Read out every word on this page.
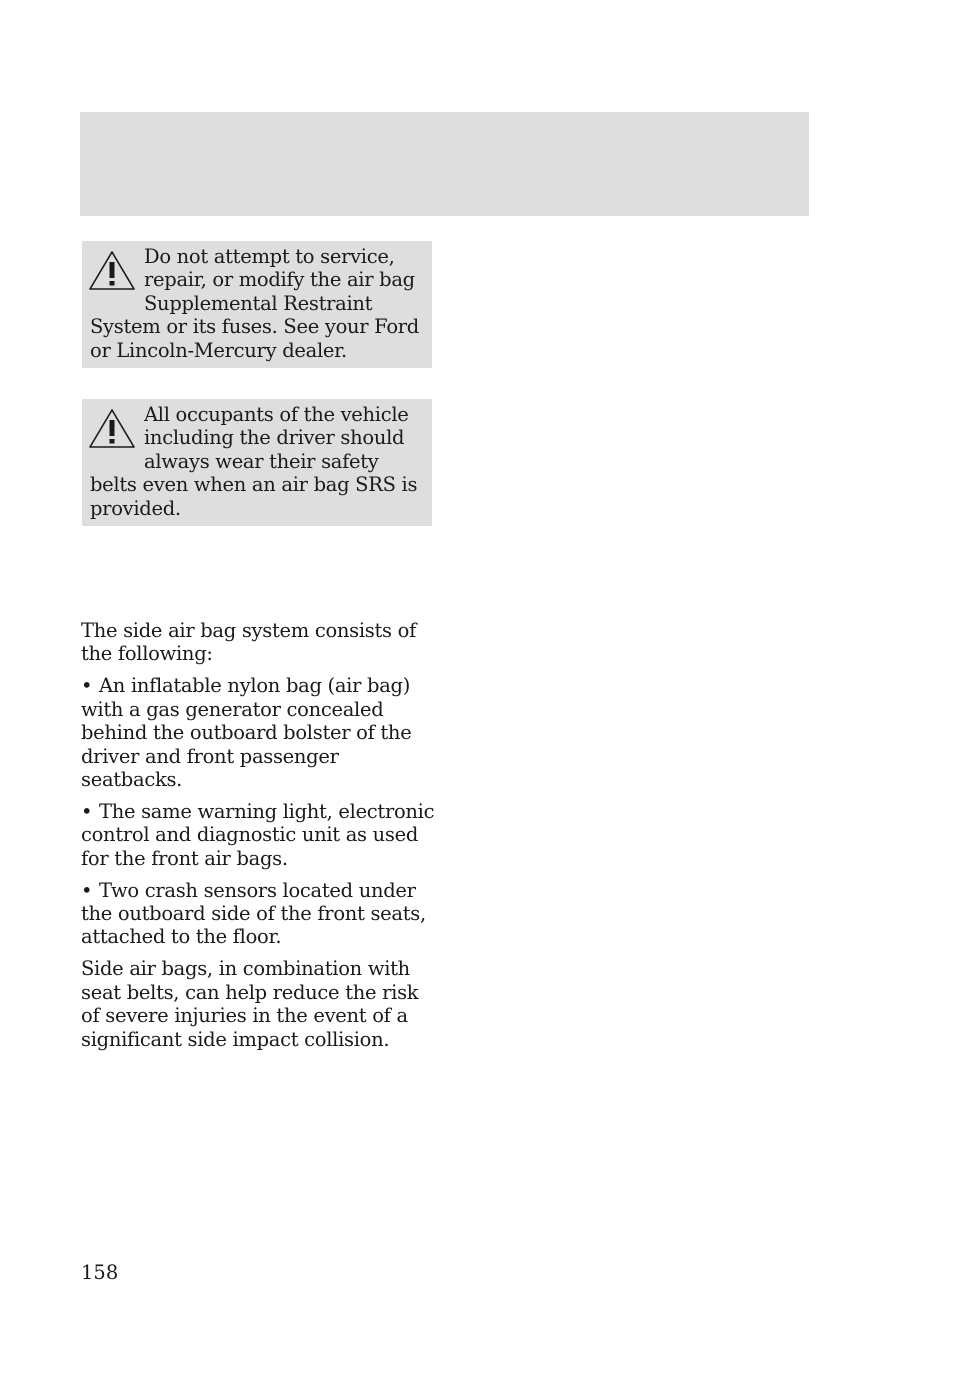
Do not attempt to service, repair, or modify the air bag Supplemental Restraint System or its fuses. See your Ford or Lincoln-Mercury dealer.
All occupants of the vehicle including the driver should always wear their safety belts even when an air bag SRS is provided.

The side air bag system consists of the following:

• An inflatable nylon bag (air bag) with a gas generator concealed behind the outboard bolster of the driver and front passenger seatbacks.

• The same warning light, electronic control and diagnostic unit as used for the front air bags.

• Two crash sensors located under the outboard side of the front seats, attached to the floor.

Side air bags, in combination with seat belts, can help reduce the risk of severe injuries in the event of a significant side impact collision.

158
